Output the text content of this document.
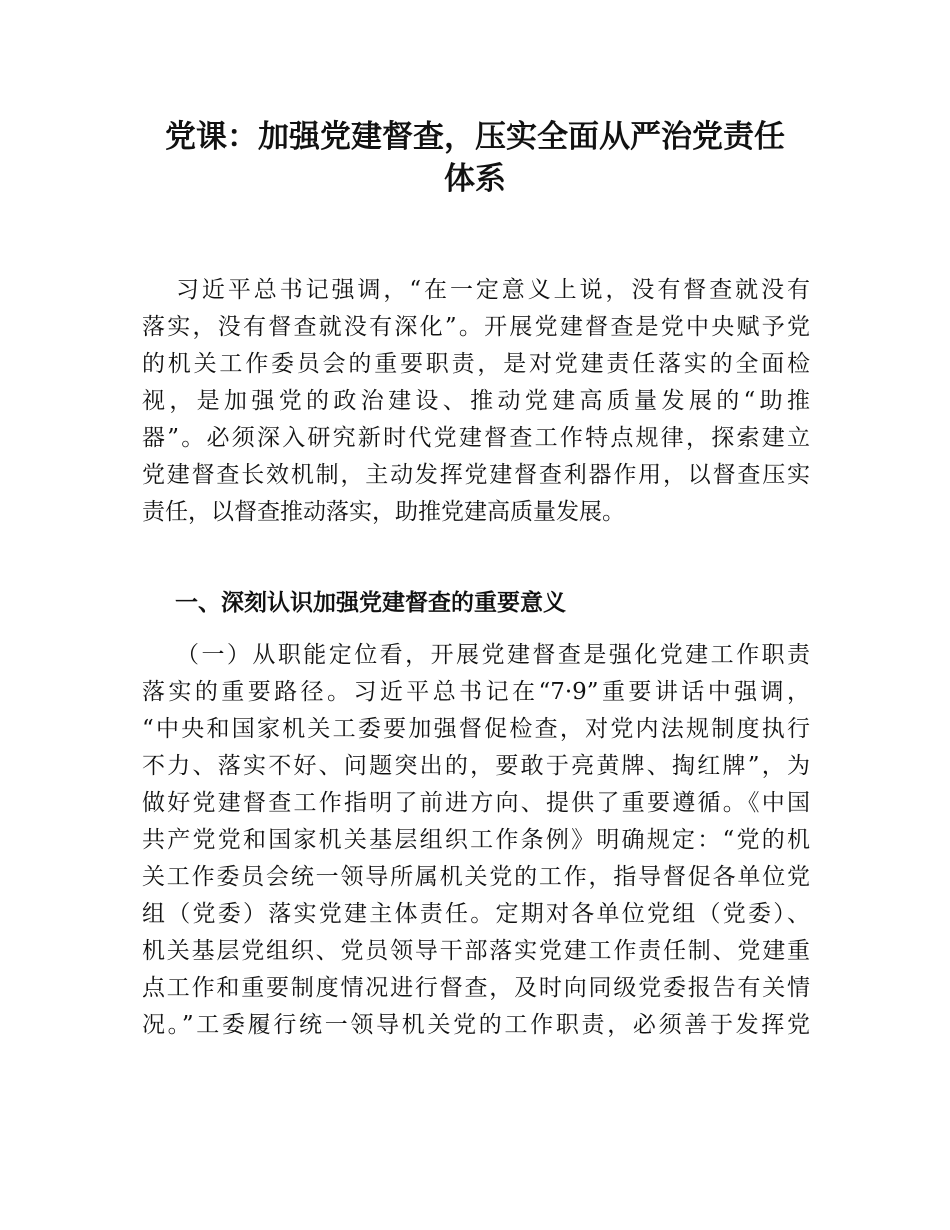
党课：加强党建督查，压实全面从严治党责任
体系
习近平总书记强调，“在一定意义上说，没有督查就没有
落实，没有督查就没有深化”。开展党建督查是党中央赋予党
的机关工作委员会的重要职责，是对党建责任落实的全面检
视，是加强党的政治建设、推动党建高质量发展的“助推
器”。必须深入研究新时代党建督查工作特点规律，探索建立
党建督查长效机制，主动发挥党建督查利器作用，以督查压实
责任，以督查推动落实，助推党建高质量发展。
一、深刻认识加强党建督查的重要意义
（一）从职能定位看，开展党建督查是强化党建工作职责
落实的重要路径。习近平总书记在“7·9”重要讲话中强调，
“中央和国家机关工委要加强督促检查，对党内法规制度执行
不力、落实不好、问题突出的，要敢于亮黄牌、掏红牌”，为
做好党建督查工作指明了前进方向、提供了重要遵循。《中国
共产党党和国家机关基层组织工作条例》明确规定：“党的机
关工作委员会统一领导所属机关党的工作，指导督促各单位党
组（党委）落实党建主体责任。定期对各单位党组（党委）、
机关基层党组织、党员领导干部落实党建工作责任制、党建重
点工作和重要制度情况进行督查，及时向同级党委报告有关情
况。”工委履行统一领导机关党的工作职责，必须善于发挥党
